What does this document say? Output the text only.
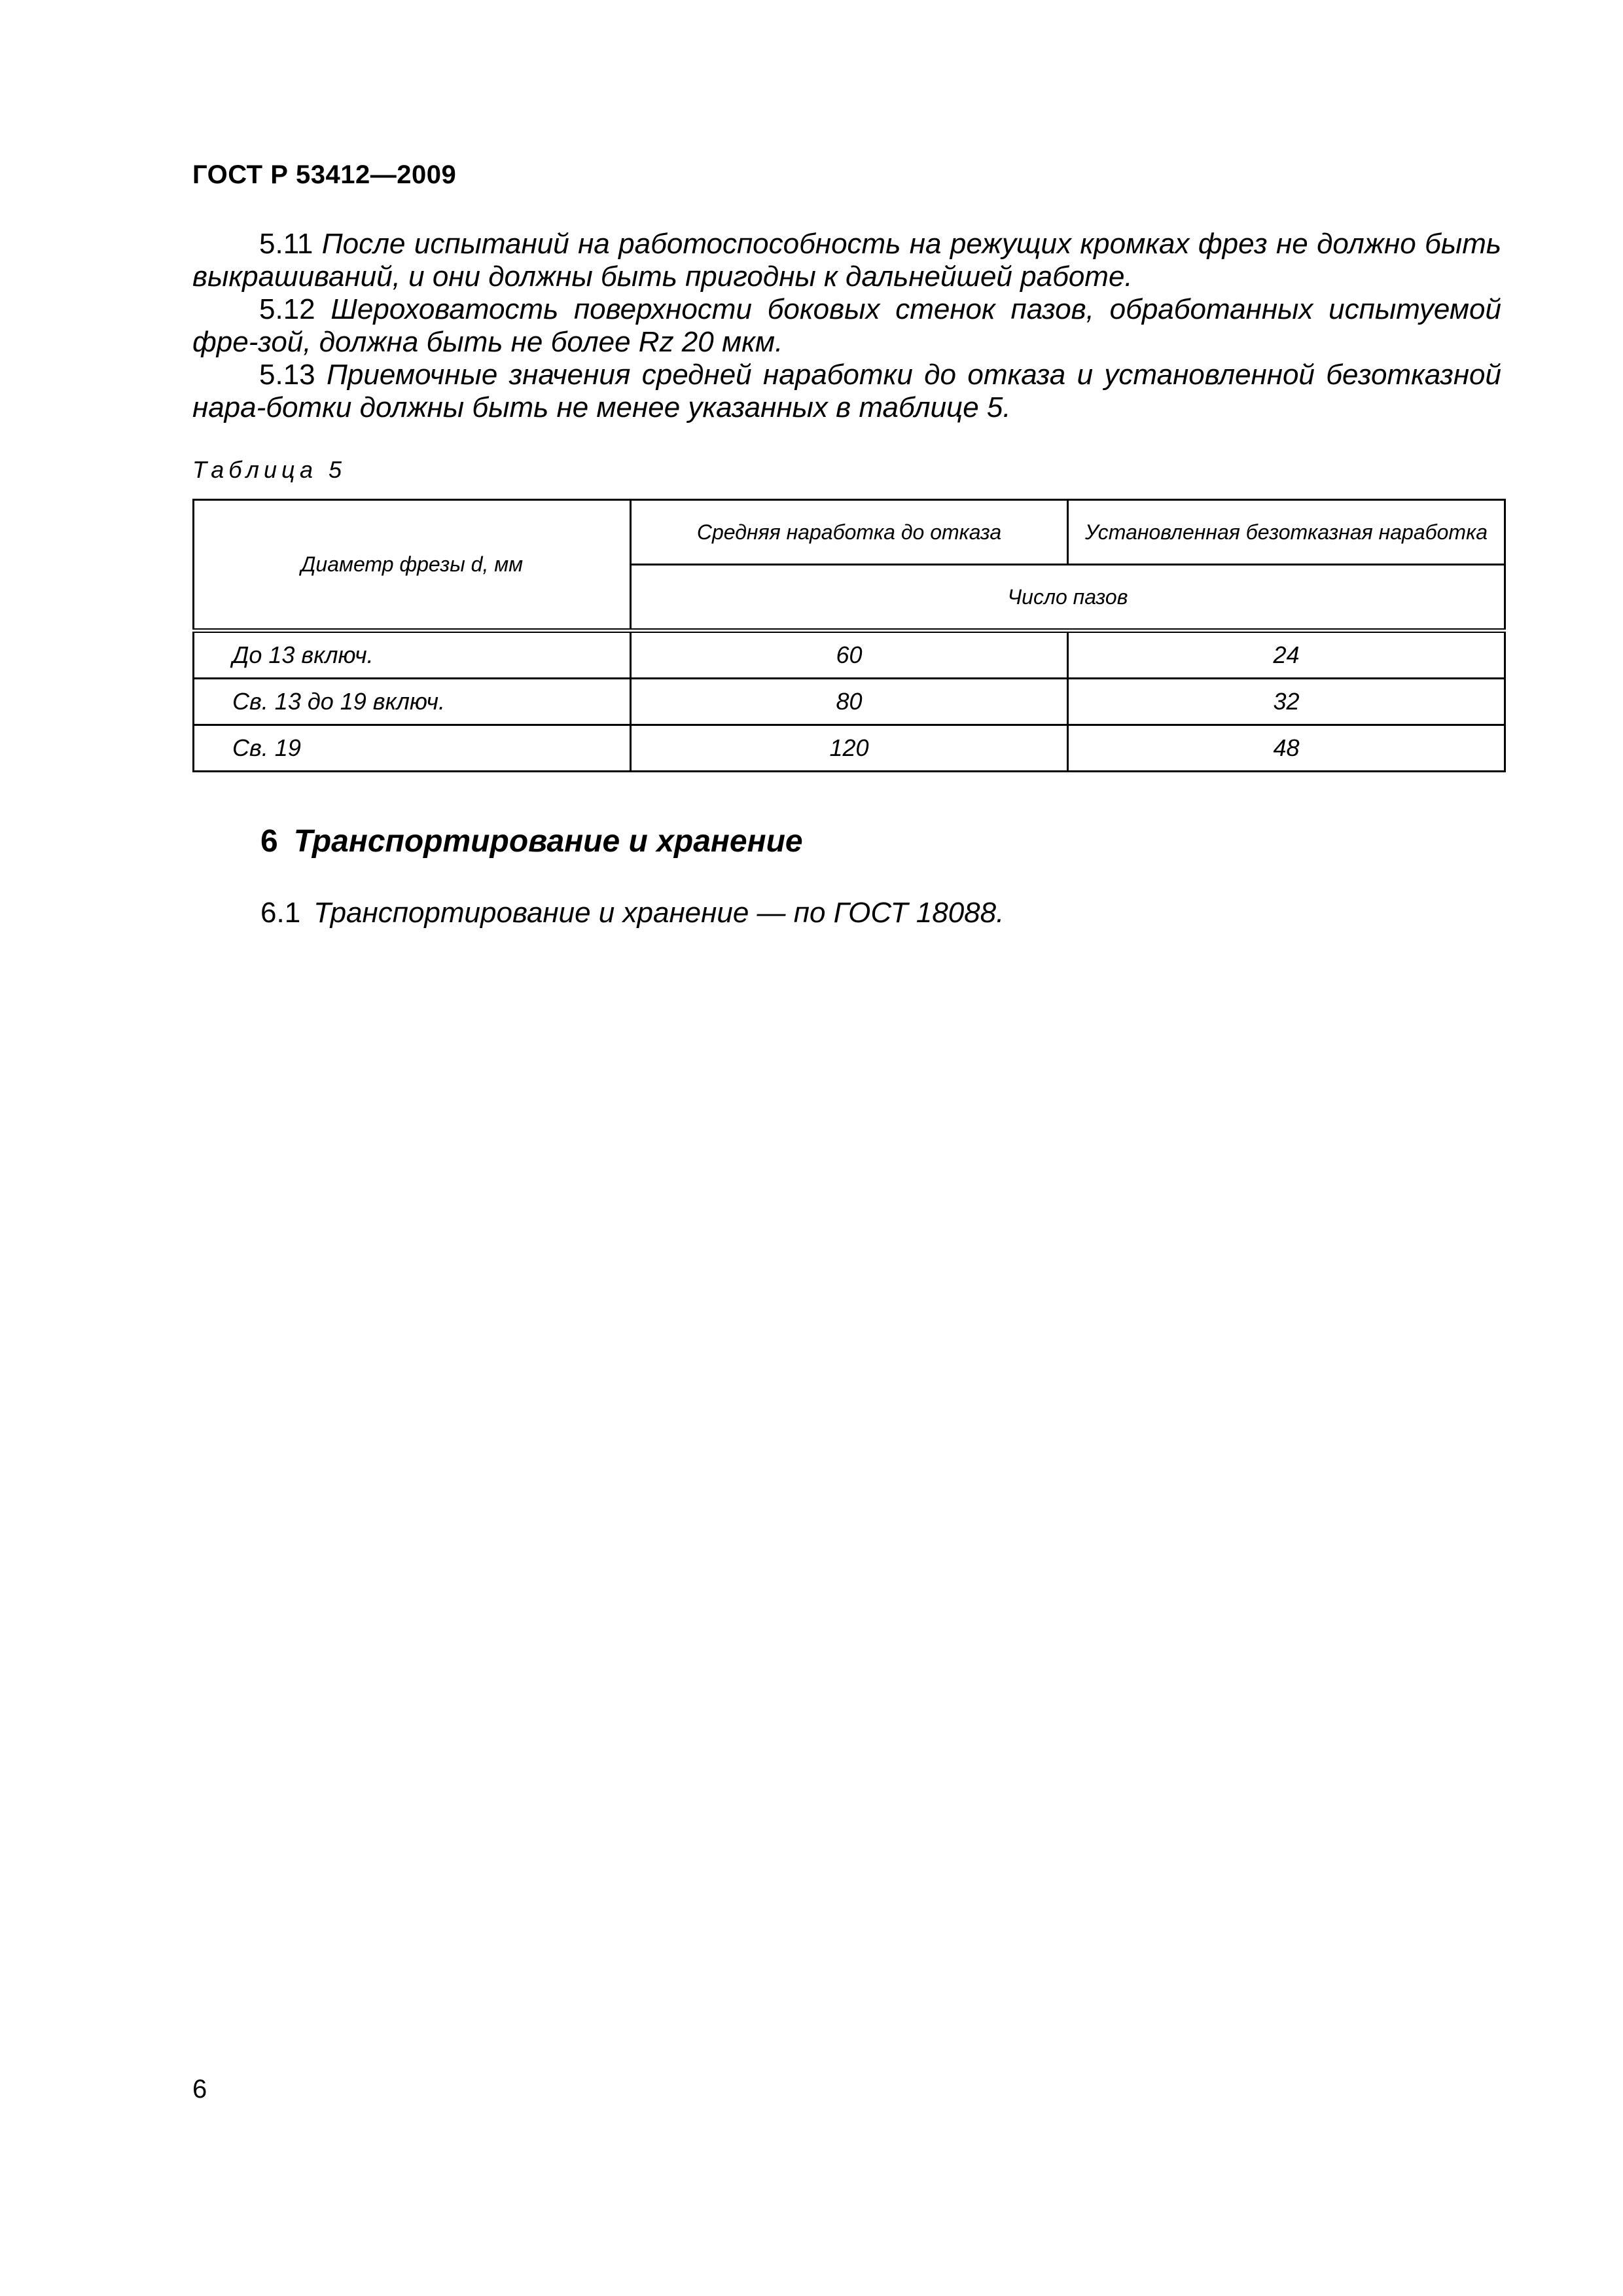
ГОСТ Р 53412—2009
5.11 После испытаний на работоспособность на режущих кромках фрез не должно быть выкрашиваний, и они должны быть пригодны к дальнейшей работе.
5.12 Шероховатость поверхности боковых стенок пазов, обработанных испытуемой фре-зой, должна быть не более Rz 20 мкм.
5.13 Приемочные значения средней наработки до отказа и установленной безотказной нара-ботки должны быть не менее указанных в таблице 5.
Таблица 5
Диаметр фрезы d, мм	Средняя наработка до отказа	Установленная безотказная наработка
	Число пазов	
До 13 включ.	60	24
Св. 13 до 19 включ.	80	32
Св. 19	120	48
6 Транспортирование и хранение
6.1 Транспортирование и хранение — по ГОСТ 18088.
6
